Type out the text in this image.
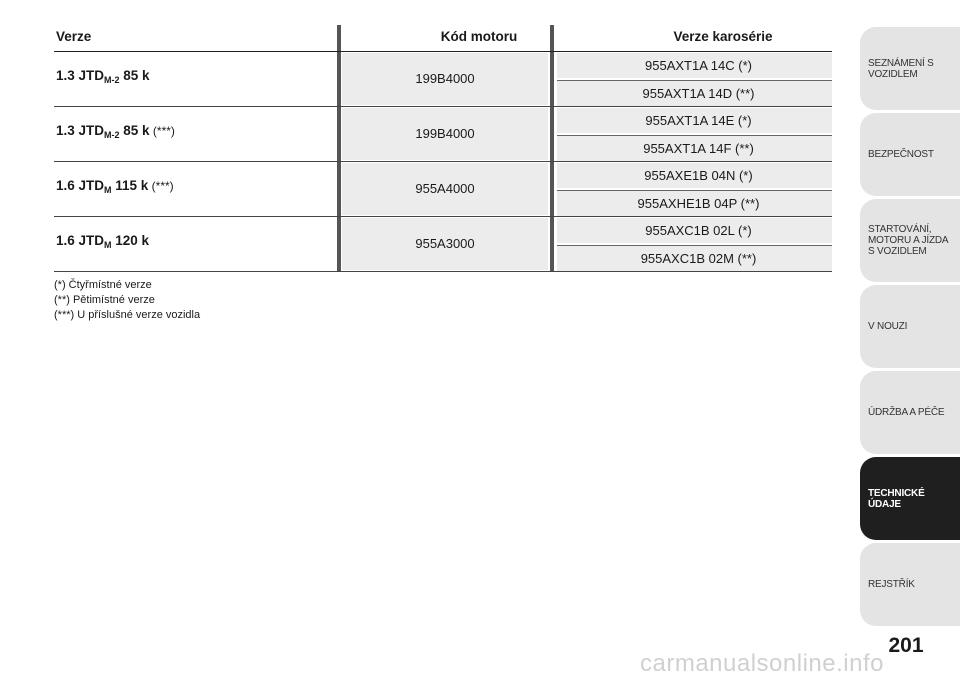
Verze	Kód motoru	Verze karosérie
1.3 $JTD_{M-2}$ 85 k	199B4000
955AXT1A 14C (*)
955AXT1A 14D (**)
1.3 $JTD_{M-2}$ 85 k (***)	199B4000
955AXT1A 14E (*)
955AXT1A 14F (**)
1.6 $JTD_M$ 115 k (***)	955A4000
955AXE1B 04N (*)
955AXHE1B 04P (**)
1.6 $JTD_M$ 120 k	955A3000
955AXC1B 02L (*)
955AXC1B 02M (**)
(*) Čtyřmístné verze
(**) Pětimístné verze
(***) U příslušné verze vozidla
SEZNÁMENÍ S VOZIDLEM
BEZPEČNOST
STARTOVÁNÍ, MOTORU A JÍZDA S VOZIDLEM
V NOUZI
ÚDRŽBA A PÉČE
TECHNICKÉ ÚDAJE
REJSTŘÍK
201
carmanualsonline.info
